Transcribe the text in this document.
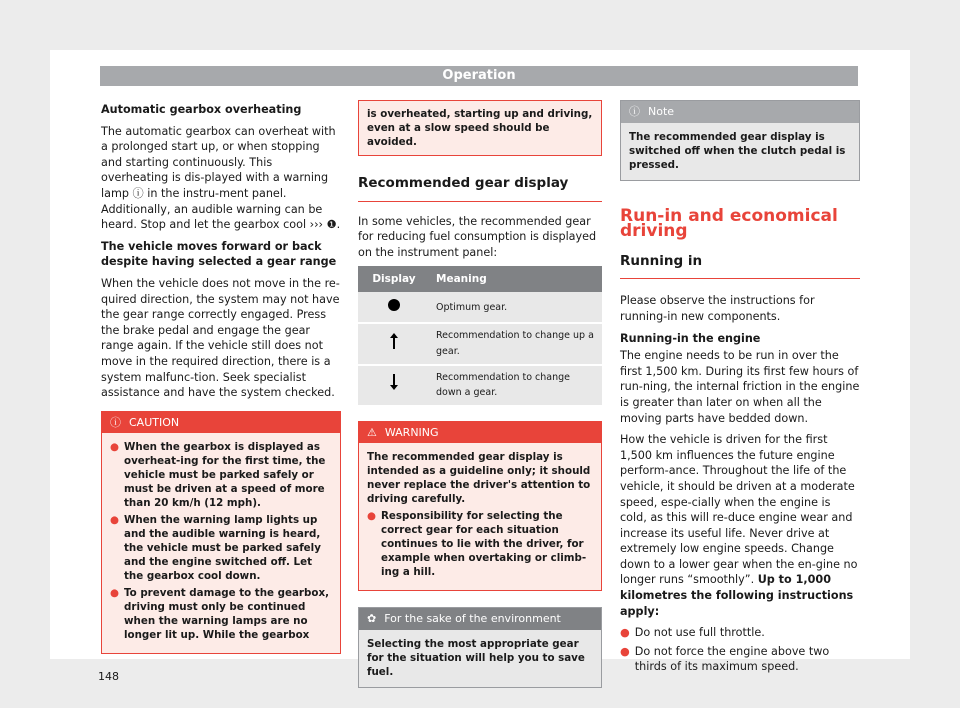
Operation

Automatic gearbox overheating

The automatic gearbox can overheat with a prolonged start up, or when stopping and starting continuously. This overheating is dis-played with a warning lamp ⓘ in the instru-ment panel. Additionally, an audible warning can be heard. Stop and let the gearbox cool ››› ❶.

The vehicle moves forward or back despite having selected a gear range

When the vehicle does not move in the re-quired direction, the system may not have the gear range correctly engaged. Press the brake pedal and engage the gear range again. If the vehicle still does not move in the required direction, there is a system malfunc-tion. Seek specialist assistance and have the system checked.

ⓘ CAUTION
● When the gearbox is displayed as overheat-ing for the first time, the vehicle must be parked safely or must be driven at a speed of more than 20 km/h (12 mph).
● When the warning lamp lights up and the audible warning is heard, the vehicle must be parked safely and the engine switched off. Let the gearbox cool down.
● To prevent damage to the gearbox, driving must only be continued when the warning lamps are no longer lit up. While the gearbox
is overheated, starting up and driving, even at a slow speed should be avoided.
Recommended gear display

In some vehicles, the recommended gear for reducing fuel consumption is displayed on the instrument panel:

Display	Meaning
	Optimum gear.
	Recommendation to change up a gear.
	Recommendation to change down a gear.
⚠ WARNING
The recommended gear display is intended as a guideline only; it should never replace the driver's attention to driving carefully.
● Responsibility for selecting the correct gear for each situation continues to lie with the driver, for example when overtaking or climb-ing a hill.
✿ For the sake of the environment
Selecting the most appropriate gear for the situation will help you to save fuel.
ⓘ Note
The recommended gear display is switched off when the clutch pedal is pressed.
Run-in and economical driving
Running in

Please observe the instructions for running-in new components.

Running-in the engine

The engine needs to be run in over the first 1,500 km. During its first few hours of run-ning, the internal friction in the engine is greater than later on when all the moving parts have bedded down.

How the vehicle is driven for the first 1,500 km influences the future engine perform-ance. Throughout the life of the vehicle, it should be driven at a moderate speed, espe-cially when the engine is cold, as this will re-duce engine wear and increase its useful life. Never drive at extremely low engine speeds. Change down to a lower gear when the en-gine no longer runs “smoothly”. Up to 1,000 kilometres the following instructions apply:

● Do not use full throttle.
● Do not force the engine above two thirds of its maximum speed.
148
